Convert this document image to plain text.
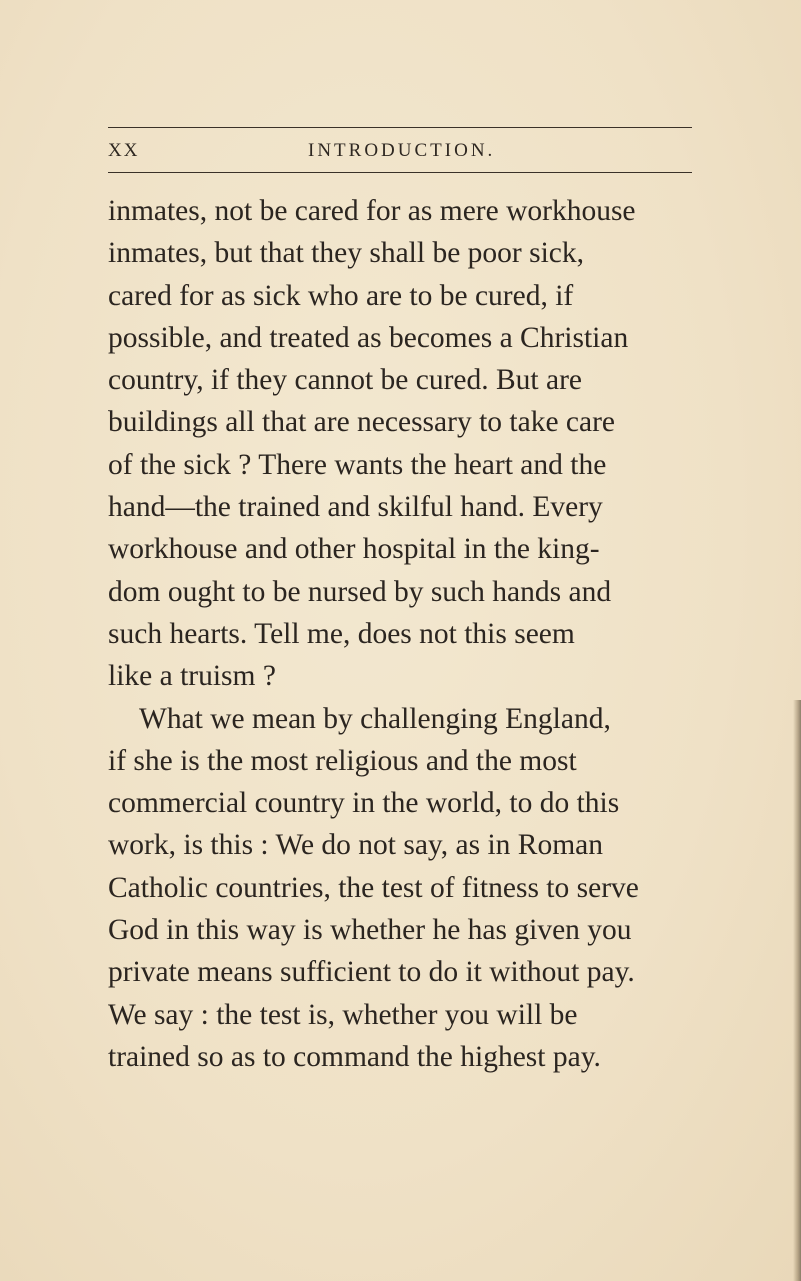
XX	INTRODUCTION.
inmates, not be cared for as mere workhouse
inmates, but that they shall be poor sick,
cared for as sick who are to be cured, if
possible, and treated as becomes a Christian
country, if they cannot be cured. But are
buildings all that are necessary to take care
of the sick ? There wants the heart and the
hand—the trained and skilful hand. Every
workhouse and other hospital in the king-
dom ought to be nursed by such hands and
such hearts. Tell me, does not this seem
like a truism ?
What we mean by challenging England,
if she is the most religious and the most
commercial country in the world, to do this
work, is this : We do not say, as in Roman
Catholic countries, the test of fitness to serve
God in this way is whether he has given you
private means sufficient to do it without pay.
We say : the test is, whether you will be
trained so as to command the highest pay.
